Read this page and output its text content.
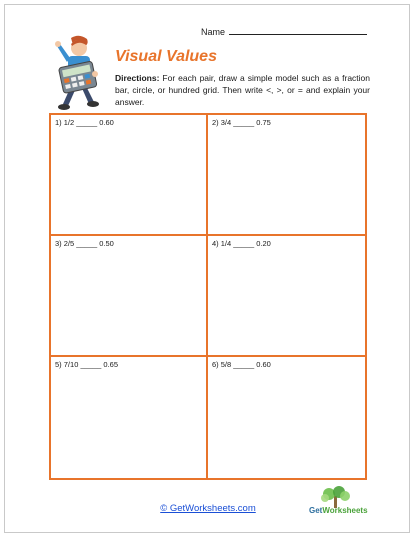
Name
Visual Values
Directions: For each pair, draw a simple model such as a fraction bar, circle, or hundred grid. Then write <, >, or = and explain your answer.
1) 1/2 _____ 0.60	2) 3/4 _____ 0.75
3) 2/5 _____ 0.50	4) 1/4 _____ 0.20
5) 7/10 _____ 0.65	6) 5/8 _____ 0.60
© GetWorksheets.com	GetWorksheets
